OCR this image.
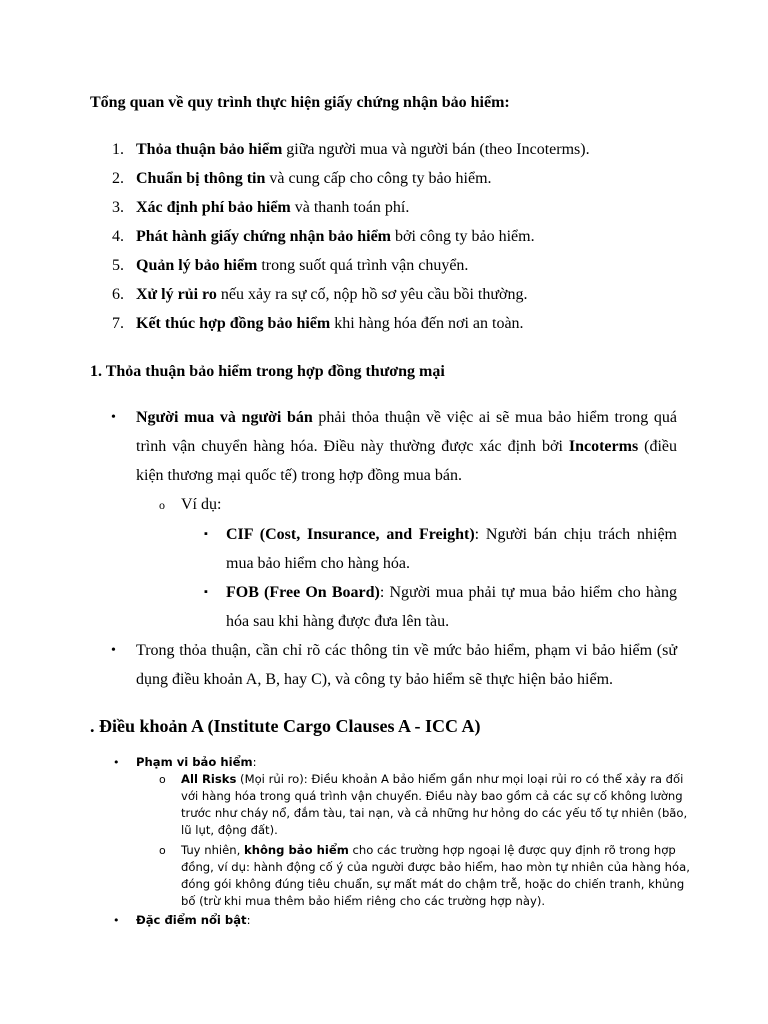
Tổng quan về quy trình thực hiện giấy chứng nhận bảo hiểm:
1. Thỏa thuận bảo hiểm giữa người mua và người bán (theo Incoterms).
2. Chuẩn bị thông tin và cung cấp cho công ty bảo hiểm.
3. Xác định phí bảo hiểm và thanh toán phí.
4. Phát hành giấy chứng nhận bảo hiểm bởi công ty bảo hiểm.
5. Quản lý bảo hiểm trong suốt quá trình vận chuyển.
6. Xử lý rủi ro nếu xảy ra sự cố, nộp hồ sơ yêu cầu bồi thường.
7. Kết thúc hợp đồng bảo hiểm khi hàng hóa đến nơi an toàn.
1. Thỏa thuận bảo hiểm trong hợp đồng thương mại
• Người mua và người bán phải thỏa thuận về việc ai sẽ mua bảo hiểm trong quá
trình vận chuyển hàng hóa. Điều này thường được xác định bởi Incoterms (điều
kiện thương mại quốc tế) trong hợp đồng mua bán.
o Ví dụ:
▪ CIF (Cost, Insurance, and Freight): Người bán chịu trách nhiệm
mua bảo hiểm cho hàng hóa.
▪ FOB (Free On Board): Người mua phải tự mua bảo hiểm cho hàng
hóa sau khi hàng được đưa lên tàu.
• Trong thỏa thuận, cần chỉ rõ các thông tin về mức bảo hiểm, phạm vi bảo hiểm (sử
dụng điều khoản A, B, hay C), và công ty bảo hiểm sẽ thực hiện bảo hiểm.
. Điều khoản A (Institute Cargo Clauses A - ICC A)
• Phạm vi bảo hiểm:
o All Risks (Mọi rủi ro): Điều khoản A bảo hiểm gần như mọi loại rủi ro có thể xảy ra đối
với hàng hóa trong quá trình vận chuyển. Điều này bao gồm cả các sự cố không lường
trước như cháy nổ, đắm tàu, tai nạn, và cả những hư hỏng do các yếu tố tự nhiên (bão,
lũ lụt, động đất).
o Tuy nhiên, không bảo hiểm cho các trường hợp ngoại lệ được quy định rõ trong hợp
đồng, ví dụ: hành động cố ý của người được bảo hiểm, hao mòn tự nhiên của hàng hóa,
đóng gói không đúng tiêu chuẩn, sự mất mát do chậm trễ, hoặc do chiến tranh, khủng
bố (trừ khi mua thêm bảo hiểm riêng cho các trường hợp này).
• Đặc điểm nổi bật:
